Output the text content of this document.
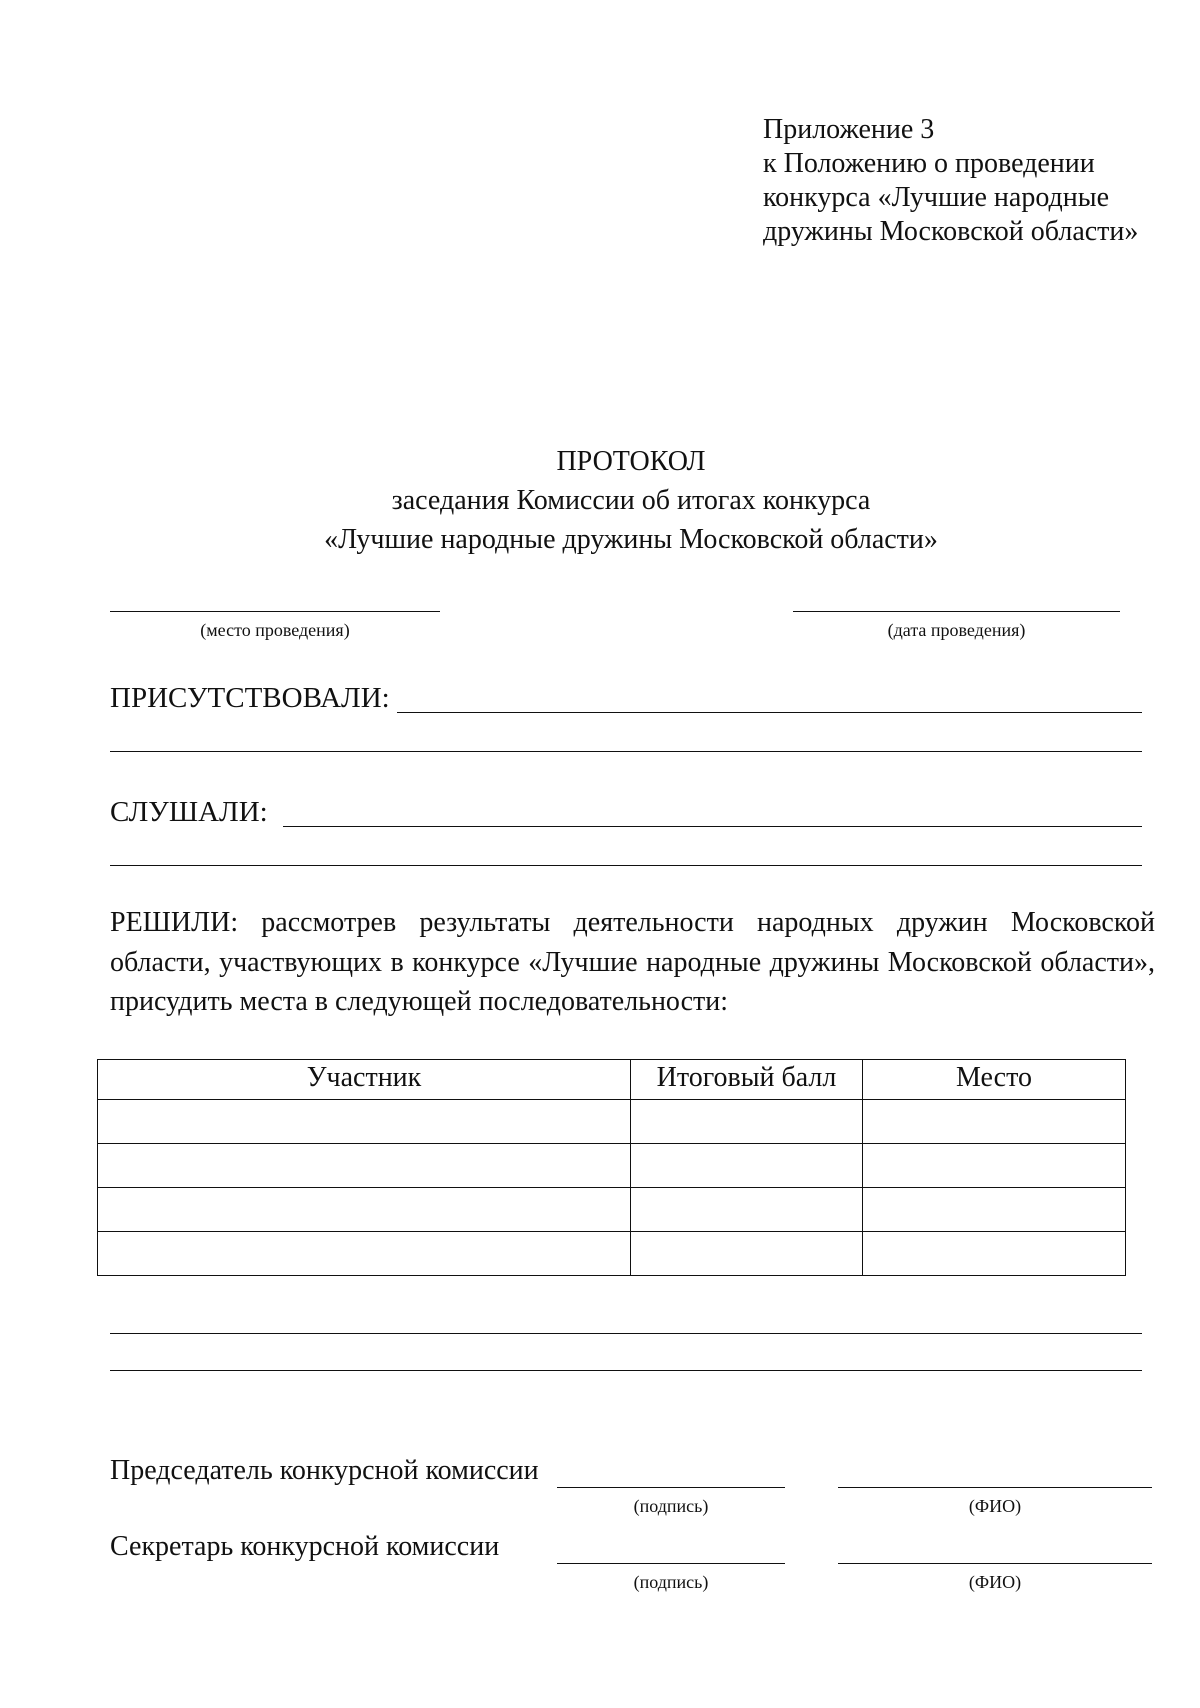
Приложение 3
к Положению о проведении
конкурса «Лучшие народные
дружины Московской области»
ПРОТОКОЛ
заседания Комиссии об итогах конкурса
«Лучшие народные дружины Московской области»
(место проведения)	(дата проведения)
ПРИСУТСТВОВАЛИ:
СЛУШАЛИ:
РЕШИЛИ: рассмотрев результаты деятельности народных дружин Московской области, участвующих в конкурсе «Лучшие народные дружины Московской области», присудить места в следующей последовательности:
Участник	Итоговый балл	Место

Председатель конкурсной комиссии
(подпись)	(ФИО)
Секретарь конкурсной комиссии
(подпись)	(ФИО)
